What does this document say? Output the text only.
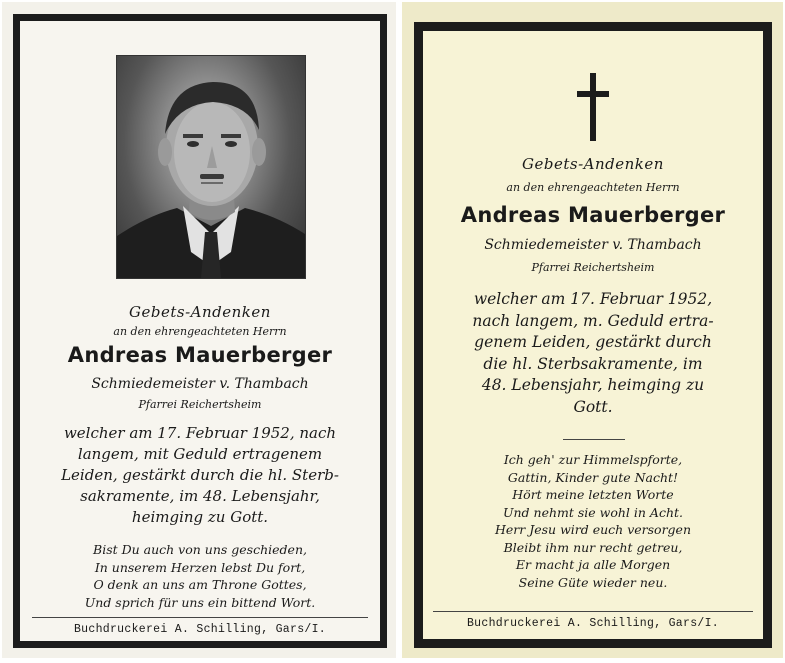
Gebets-Andenken
an den ehrengeachteten Herrn
Andreas Mauerberger
Schmiedemeister v. Thambach
Pfarrei Reichertsheim
welcher am 17. Februar 1952, nach
langem, mit Geduld ertragenem
Leiden, gestärkt durch die hl. Sterb-
sakramente, im 48. Lebensjahr,
heimging zu Gott.
Bist Du auch von uns geschieden,
In unserem Herzen lebst Du fort,
O denk an uns am Throne Gottes,
Und sprich für uns ein bittend Wort.
Buchdruckerei A. Schilling, Gars/I.
Gebets-Andenken
an den ehrengeachteten Herrn
Andreas Mauerberger
Schmiedemeister v. Thambach
Pfarrei Reichertsheim
welcher am 17. Februar 1952,
nach langem, m. Geduld ertra-
genem Leiden, gestärkt durch
die hl. Sterbsakramente, im
48. Lebensjahr, heimging zu
Gott.
Ich geh' zur Himmelspforte,
Gattin, Kinder gute Nacht!
Hört meine letzten Worte
Und nehmt sie wohl in Acht.
Herr Jesu wird euch versorgen
Bleibt ihm nur recht getreu,
Er macht ja alle Morgen
Seine Güte wieder neu.
Buchdruckerei A. Schilling, Gars/I.
